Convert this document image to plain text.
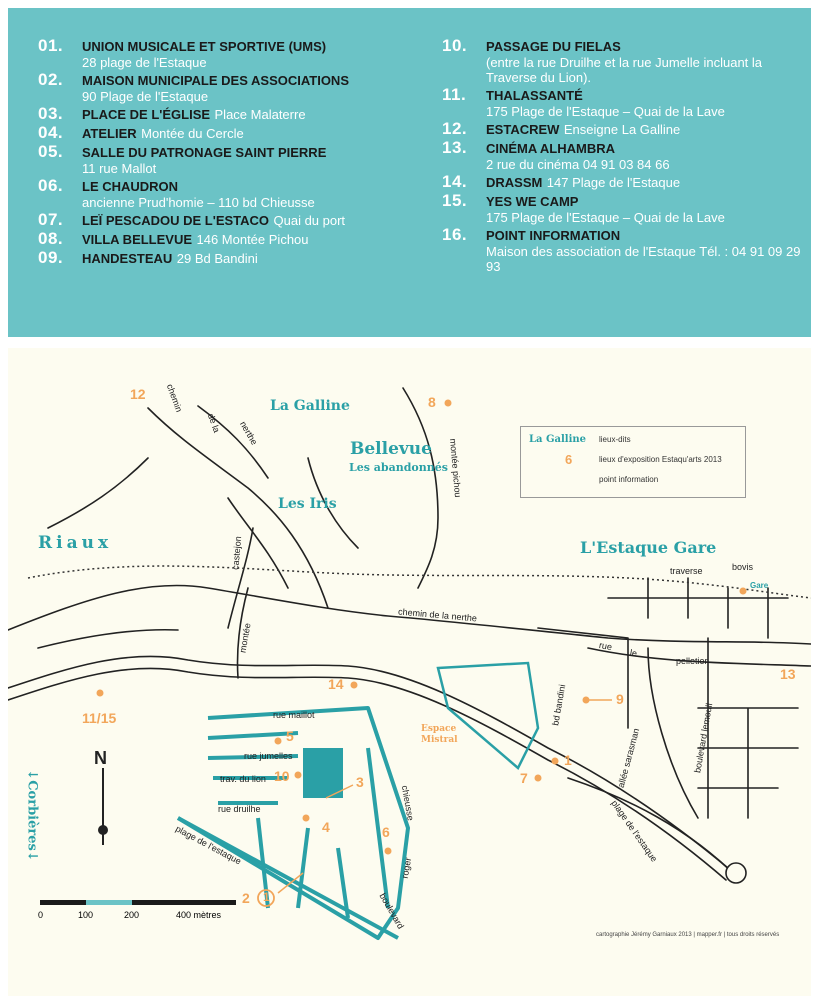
01. UNION MUSICALE ET SPORTIVE (UMS)
28 plage de l'Estaque
02. MAISON MUNICIPALE DES ASSOCIATIONS
90 Plage de l'Estaque
03. PLACE DE L'ÉGLISE Place Malaterre
04. ATELIER Montée du Cercle
05. SALLE DU PATRONAGE SAINT PIERRE
11 rue Mallot
06. LE CHAUDRON
ancienne Prud'homie – 110 bd Chieusse
07. LEÏ PESCADOU DE L'ESTACO Quai du port
08. VILLA BELLEVUE 146 Montée Pichou
09. HANDESTEAU 29 Bd Bandini
10. PASSAGE DU FIELAS
(entre la rue Druilhe et la rue Jumelle incluant la Traverse du Lion).
11. THALASSANTÉ
175 Plage de l'Estaque – Quai de la Lave
12. ESTACREW Enseigne La Galline
13. CINÉMA ALHAMBRA
2 rue du cinéma 04 91 03 84 66
14. DRASSM 147 Plage de l'Estaque
15. YES WE CAMP
175 Plage de l'Estaque – Quai de la Lave
16. POINT INFORMATION
Maison des association de l'Estaque Tél. : 04 91 09 29 93
La Galline
Bellevue
Les abandonnés
Les Iris
Riaux	L'Estaque Gare
Espace
Mistral
Gare
↓Corbières↓
chemin
de la nerthe
montée pichou
castejon
montée
chemin de la nerthe
rue
le
pelletier
traverse	bovis
bd bandini
allée sarasman	boulevard lemoull
plage de l'estaque
rue maillot
rue jumelles
trav. du lion
rue druilhe
plage de l'estaque
chieusse
roger
boulevard
12	8
13
14
11/15
9
1
7
5
10	3
4	6
2 1
N
La Galline lieux-dits
6	lieux d'exposition Estaqu'arts 2013
point information
0	100	200	400 mètres
cartographie Jérémy Garniaux 2013 | mapper.fr | tous droits réservés
